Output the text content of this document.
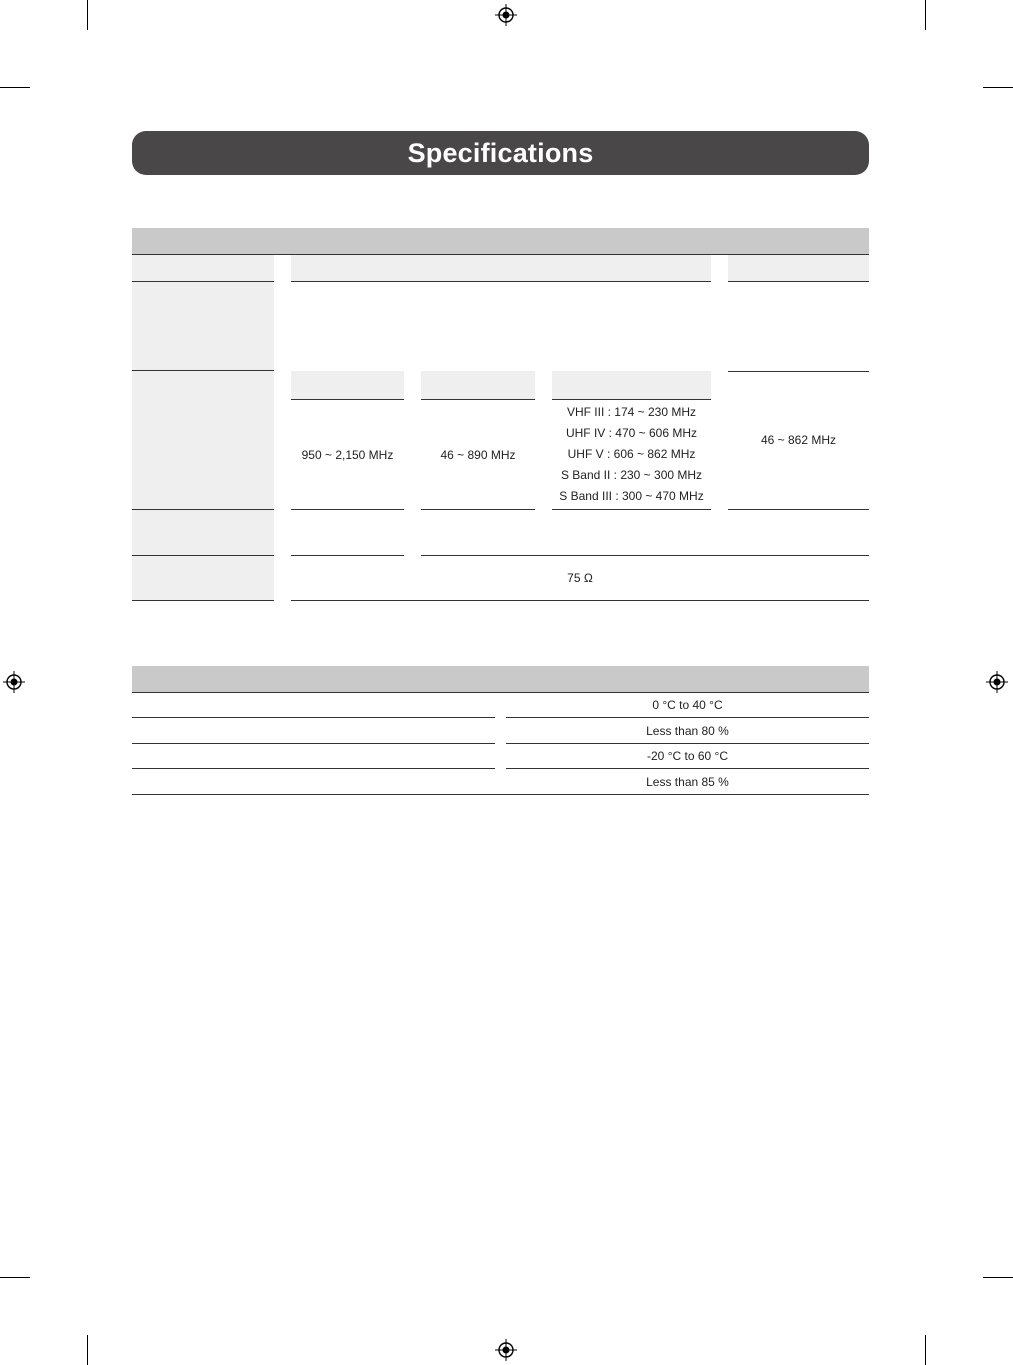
Specifications
950 ~ 2,150 MHz	46 ~ 890 MHz
VHF III : 174 ~ 230 MHz
UHF IV : 470 ~ 606 MHz
UHF V : 606 ~ 862 MHz
S Band II : 230 ~ 300 MHz
S Band III : 300 ~ 470 MHz
46 ~ 862 MHz
75 Ω
0 °C to 40 °C
Less than 80 %
-20 °C to 60 °C
Less than 85 %
